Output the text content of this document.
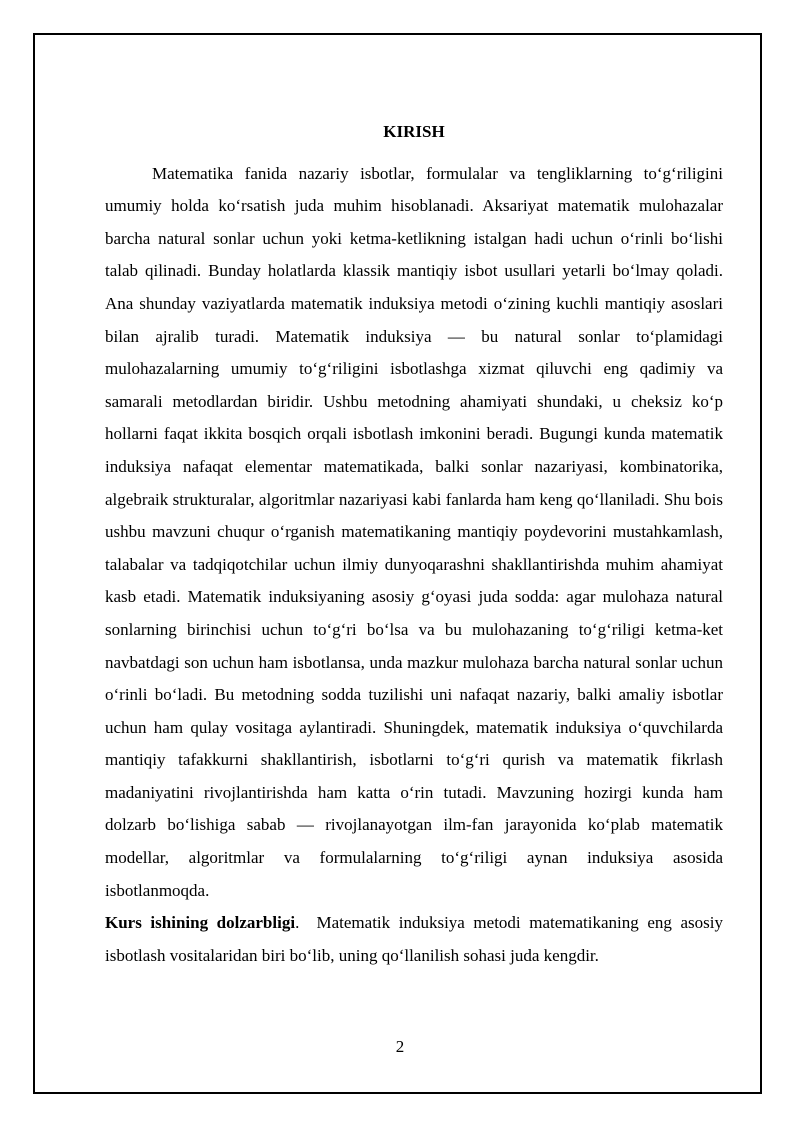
KIRISH

Matematika fanida nazariy isbotlar, formulalar va tengliklarning to‘g‘riligini umumiy holda ko‘rsatish juda muhim hisoblanadi. Aksariyat matematik mulohazalar barcha natural sonlar uchun yoki ketma-ketlikning istalgan hadi uchun o‘rinli bo‘lishi talab qilinadi. Bunday holatlarda klassik mantiqiy isbot usullari yetarli bo‘lmay qoladi. Ana shunday vaziyatlarda matematik induksiya metodi o‘zining kuchli mantiqiy asoslari bilan ajralib turadi. Matematik induksiya — bu natural sonlar to‘plamidagi mulohazalarning umumiy to‘g‘riligini isbotlashga xizmat qiluvchi eng qadimiy va samarali metodlardan biridir. Ushbu metodning ahamiyati shundaki, u cheksiz ko‘p hollarni faqat ikkita bosqich orqali isbotlash imkonini beradi. Bugungi kunda matematik induksiya nafaqat elementar matematikada, balki sonlar nazariyasi, kombinatorika, algebraik strukturalar, algoritmlar nazariyasi kabi fanlarda ham keng qo‘llaniladi. Shu bois ushbu mavzuni chuqur o‘rganish matematikaning mantiqiy poydevorini mustahkamlash, talabalar va tadqiqotchilar uchun ilmiy dunyoqarashni shakllantirishda muhim ahamiyat kasb etadi. Matematik induksiyaning asosiy g‘oyasi juda sodda: agar mulohaza natural sonlarning birinchisi uchun to‘g‘ri bo‘lsa va bu mulohazaning to‘g‘riligi ketma-ket navbatdagi son uchun ham isbotlansa, unda mazkur mulohaza barcha natural sonlar uchun o‘rinli bo‘ladi. Bu metodning sodda tuzilishi uni nafaqat nazariy, balki amaliy isbotlar uchun ham qulay vositaga aylantiradi. Shuningdek, matematik induksiya o‘quvchilarda mantiqiy tafakkurni shakllantirish, isbotlarni to‘g‘ri qurish va matematik fikrlash madaniyatini rivojlantirishda ham katta o‘rin tutadi. Mavzuning hozirgi kunda ham dolzarb bo‘lishiga sabab — rivojlanayotgan ilm-fan jarayonida ko‘plab matematik modellar, algoritmlar va formulalarning to‘g‘riligi aynan induksiya asosida isbotlanmoqda.

Kurs ishining dolzarbligi. Matematik induksiya metodi matematikaning eng asosiy isbotlash vositalaridan biri bo‘lib, uning qo‘llanilish sohasi juda kengdir.

2
